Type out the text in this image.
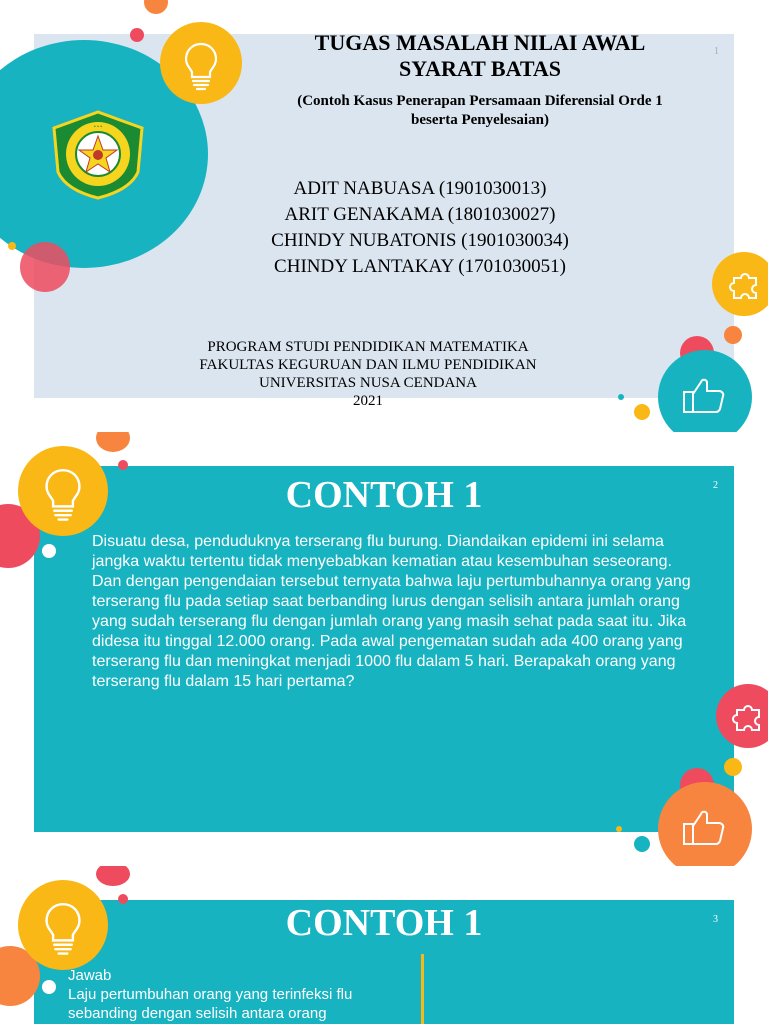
• • •
TUGAS MASALAH NILAI AWAL
SYARAT BATAS
1
(Contoh Kasus Penerapan Persamaan Diferensial Orde 1
beserta Penyelesaian)
ADIT NABUASA (1901030013)
ARIT GENAKAMA (1801030027)
CHINDY NUBATONIS (1901030034)
CHINDY LANTAKAY (1701030051)
PROGRAM STUDI PENDIDIKAN MATEMATIKA
FAKULTAS KEGURUAN DAN ILMU PENDIDIKAN
UNIVERSITAS NUSA CENDANA
2021
CONTOH 1	2
Disuatu desa, penduduknya terserang flu burung. Diandaikan epidemi ini selama jangka waktu tertentu tidak menyebabkan kematian atau kesembuhan seseorang. Dan dengan pengendaian tersebut ternyata bahwa laju pertumbuhannya orang yang terserang flu pada setiap saat berbanding lurus dengan selisih antara jumlah orang yang sudah terserang flu dengan jumlah orang yang masih sehat pada saat itu. Jika didesa itu tinggal 12.000 orang. Pada awal pengematan sudah ada 400 orang yang terserang flu dan meningkat menjadi 1000 flu dalam 5 hari. Berapakah orang yang terserang flu dalam 15 hari pertama?
CONTOH 1	3
Jawab
Laju pertumbuhan orang yang terinfeksi flu
sebanding dengan selisih antara orang
